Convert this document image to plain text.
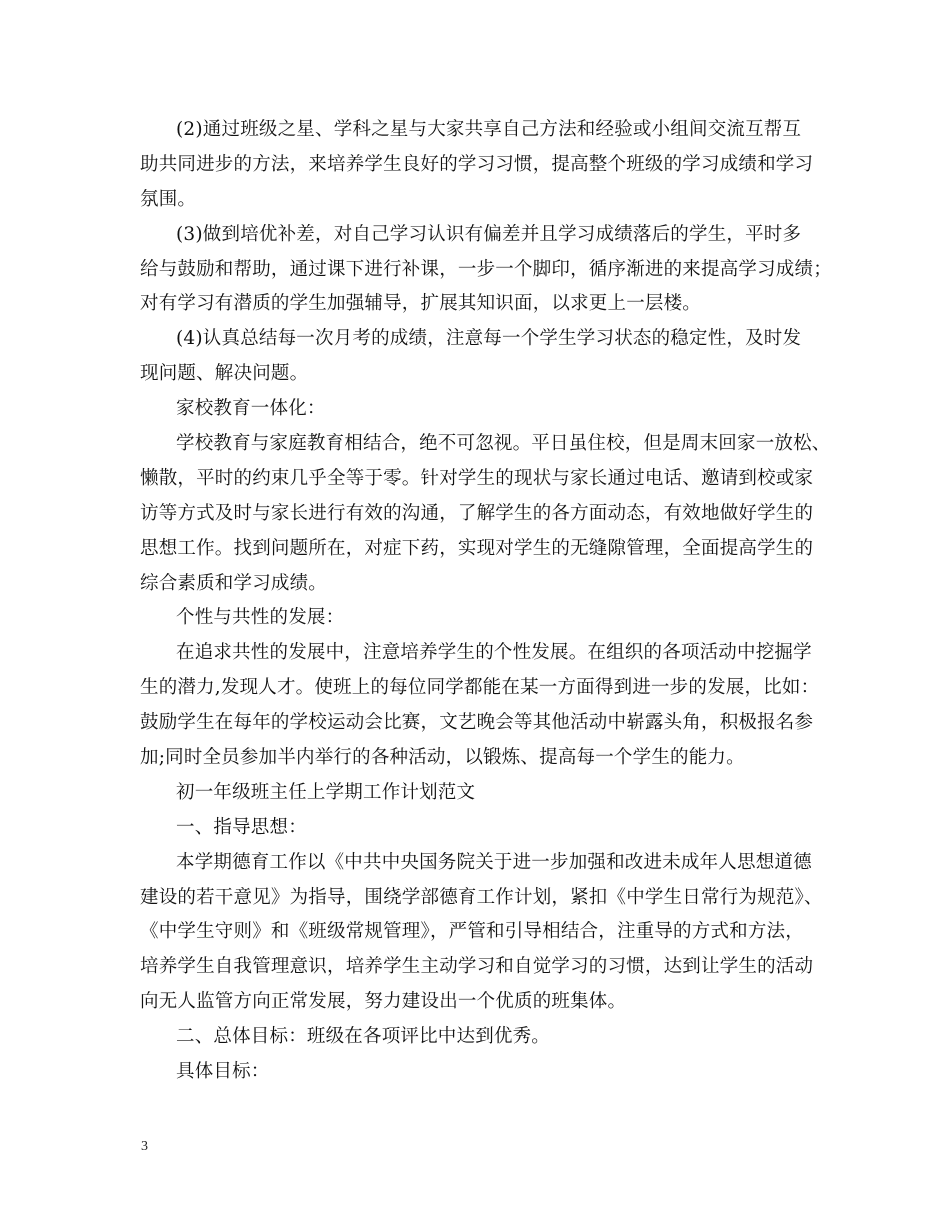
(2)通过班级之星、学科之星与大家共享自己方法和经验或小组间交流互帮互
助共同进步的方法，来培养学生良好的学习习惯，提高整个班级的学习成绩和学习
氛围。
(3)做到培优补差，对自己学习认识有偏差并且学习成绩落后的学生，平时多
给与鼓励和帮助，通过课下进行补课，一步一个脚印，循序渐进的来提高学习成绩；
对有学习有潜质的学生加强辅导，扩展其知识面，以求更上一层楼。
(4)认真总结每一次月考的成绩，注意每一个学生学习状态的稳定性，及时发
现问题、解决问题。
家校教育一体化：
学校教育与家庭教育相结合，绝不可忽视。平日虽住校，但是周末回家一放松、
懒散，平时的约束几乎全等于零。针对学生的现状与家长通过电话、邀请到校或家
访等方式及时与家长进行有效的沟通，了解学生的各方面动态，有效地做好学生的
思想工作。找到问题所在，对症下药，实现对学生的无缝隙管理，全面提高学生的
综合素质和学习成绩。
个性与共性的发展：
在追求共性的发展中，注意培养学生的个性发展。在组织的各项活动中挖掘学
生的潜力,发现人才。使班上的每位同学都能在某一方面得到进一步的发展，比如：
鼓励学生在每年的学校运动会比赛，文艺晚会等其他活动中崭露头角，积极报名参
加;同时全员参加半内举行的各种活动，以锻炼、提高每一个学生的能力。
初一年级班主任上学期工作计划范文
一、指导思想：
本学期德育工作以《中共中央国务院关于进一步加强和改进未成年人思想道德
建设的若干意见》为指导，围绕学部德育工作计划，紧扣《中学生日常行为规范》、
《中学生守则》和《班级常规管理》，严管和引导相结合，注重导的方式和方法，
培养学生自我管理意识，培养学生主动学习和自觉学习的习惯，达到让学生的活动
向无人监管方向正常发展，努力建设出一个优质的班集体。
二、总体目标：班级在各项评比中达到优秀。
具体目标：
3
